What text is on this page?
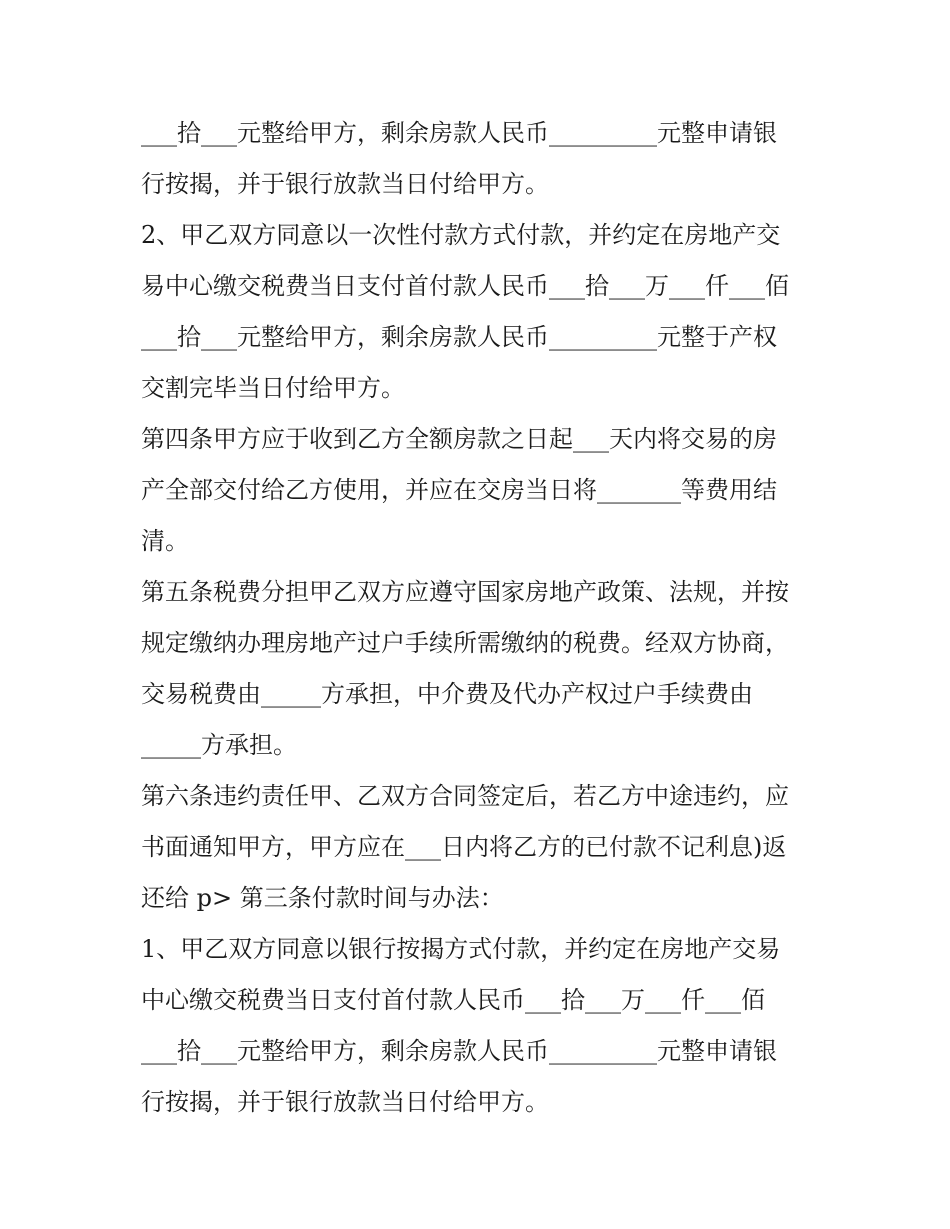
___拾___元整给甲方，剩余房款人民币_________元整申请银
行按揭，并于银行放款当日付给甲方。
2、甲乙双方同意以一次性付款方式付款，并约定在房地产交
易中心缴交税费当日支付首付款人民币___拾___万___仟___佰
___拾___元整给甲方，剩余房款人民币_________元整于产权
交割完毕当日付给甲方。
第四条甲方应于收到乙方全额房款之日起___天内将交易的房
产全部交付给乙方使用，并应在交房当日将_______等费用结
清。
第五条税费分担甲乙双方应遵守国家房地产政策、法规，并按
规定缴纳办理房地产过户手续所需缴纳的税费。经双方协商，
交易税费由_____方承担，中介费及代办产权过户手续费由
_____方承担。
第六条违约责任甲、乙双方合同签定后，若乙方中途违约，应
书面通知甲方，甲方应在___日内将乙方的已付款不记利息)返
还给 p> 第三条付款时间与办法：
1、甲乙双方同意以银行按揭方式付款，并约定在房地产交易
中心缴交税费当日支付首付款人民币___拾___万___仟___佰
___拾___元整给甲方，剩余房款人民币_________元整申请银
行按揭，并于银行放款当日付给甲方。
